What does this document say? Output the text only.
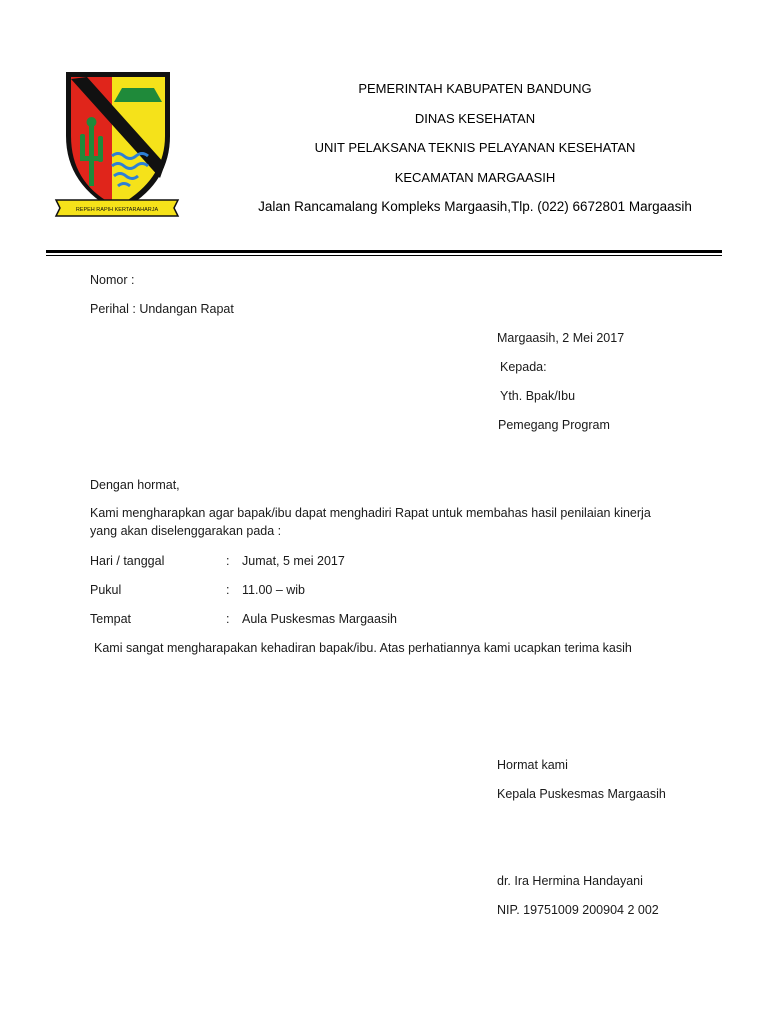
REPEH RAPIH KERTARAHARJA
PEMERINTAH KABUPATEN BANDUNG
DINAS KESEHATAN
UNIT PELAKSANA TEKNIS PELAYANAN KESEHATAN
KECAMATAN MARGAASIH
Jalan Rancamalang Kompleks Margaasih,Tlp. (022) 6672801 Margaasih
Nomor :
Perihal : Undangan Rapat
Margaasih, 2 Mei 2017
Kepada:
Yth. Bpak/Ibu
Pemegang Program
Dengan hormat,
Kami mengharapkan agar bapak/ibu dapat menghadiri Rapat untuk membahas hasil penilaian kinerja
yang akan diselenggarakan pada :
Hari / tanggal	: Jumat, 5 mei 2017
Pukul	: 11.00 – wib
Tempat	: Aula Puskesmas Margaasih
Kami sangat mengharapakan kehadiran bapak/ibu. Atas perhatiannya kami ucapkan terima kasih
Hormat kami
Kepala Puskesmas Margaasih
dr. Ira Hermina Handayani
NIP. 19751009 200904 2 002
